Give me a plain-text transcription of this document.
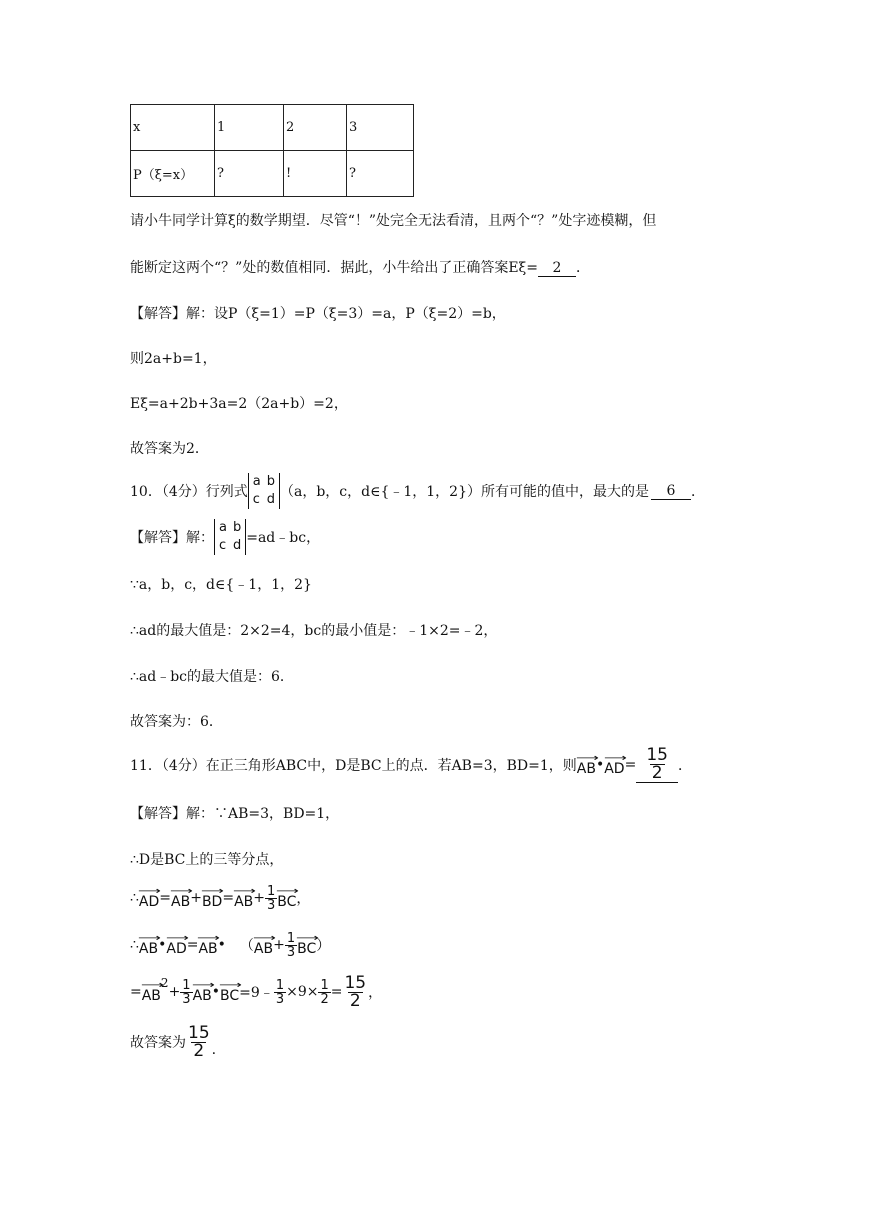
x	1	2	3
P（ξ=x）	?	!	?
请小牛同学计算ξ的数学期望．尽管“！”处完全无法看清，且两个“？”处字迹模糊，但
能断定这两个“？”处的数值相同．据此，小牛给出了正确答案Eξ= 2 ．
【解答】解：设P（ξ=1）=P（ξ=3）=a，P（ξ=2）=b，
则2a+b=1，
Eξ=a+2b+3a=2（2a+b）=2，
故答案为2．
10．（4分）行列式
a b
c d （a，b，c，d∈{﹣1，1，2}）所有可能的值中，最大的是	6	．
【解答】解：
a b
c d =ad﹣bc，
∵a，b，c，d∈{﹣1，1，2}
∴ad的最大值是：2×2=4，bc的最小值是：﹣1×2=﹣2，
∴ad﹣bc的最大值是：6．
故答案为：6．
11．（4分）在正三角形ABC中，D是BC上的点．若AB=3，BD=1，则
⟶
AB • ⟶
AD = $\frac{15}{2}$ ．
【解答】解：∵AB=3，BD=1，
∴D是BC上的三等分点，
∴ ⟶
AD =
⟶
AB + ⟶
BD =
⟶
AB + $\frac{1}{3}$
⟶
BC ，
∴
⟶
AB • ⟶
AD =
⟶
AB • （
⟶
AB + $\frac{1}{3}$
⟶
BC ）
=
⟶
AB
2
+ $\frac{1}{3}$
⟶
AB •
⟶
BC =9﹣ $\frac{1}{3} \times 9\times \frac{1}{2} = \frac{15}{2}$ ，
故答案为 $\frac{15}{2}$ .
